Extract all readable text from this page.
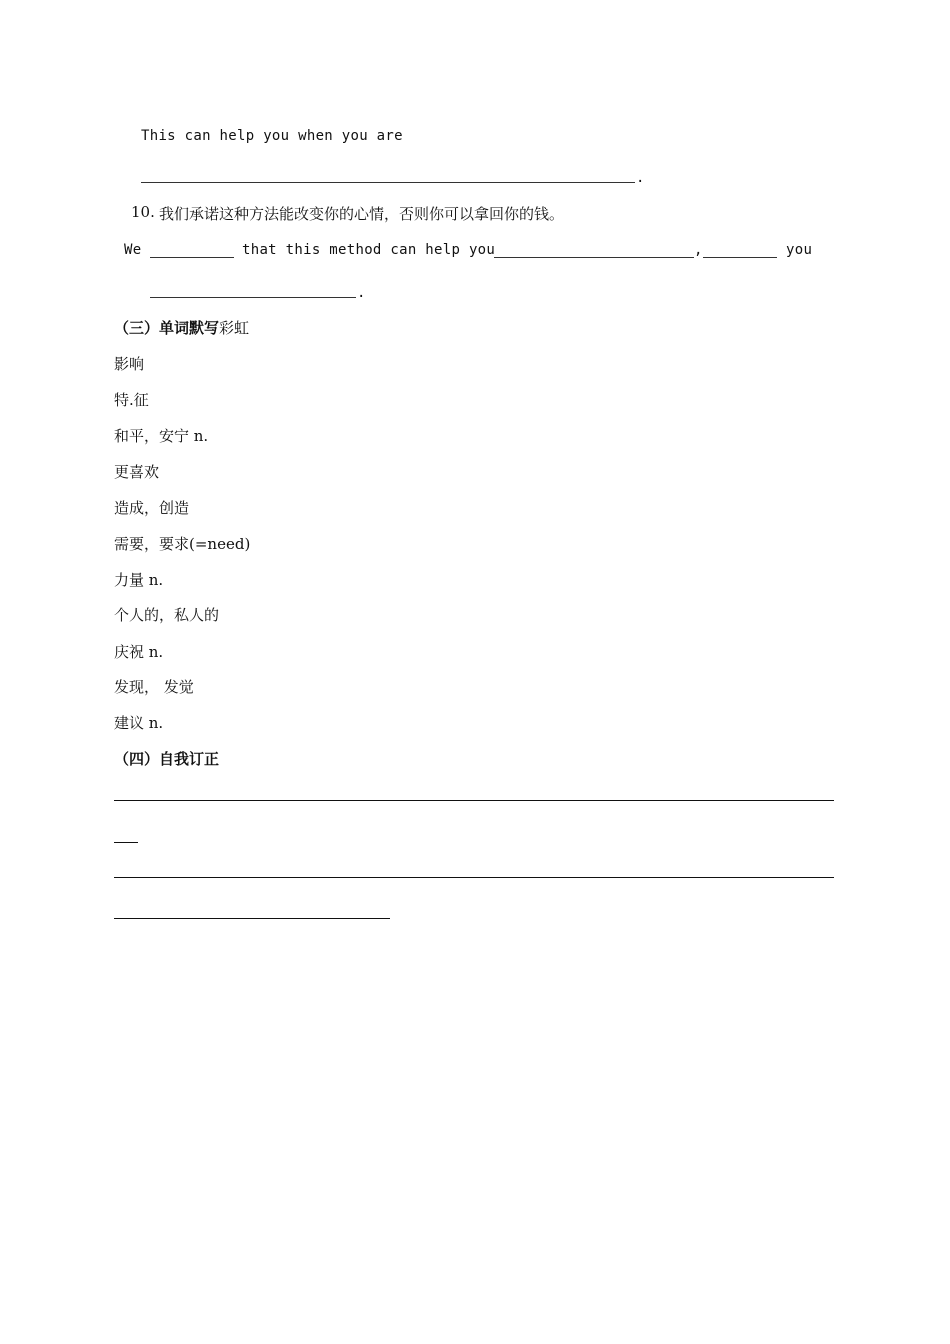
This can help you when you are
.
10. 我们承诺这种方法能改变你的心情，否则你可以拿回你的钱。
We	that this method can help you	,	you
.
（三）单词默写彩虹
影响
特.征
和平，安宁 n.
更喜欢
造成，创造
需要，要求(=need)
力量 n.
个人的，私人的
庆祝 n.
发现， 发觉
建议 n.
（四）自我订正
